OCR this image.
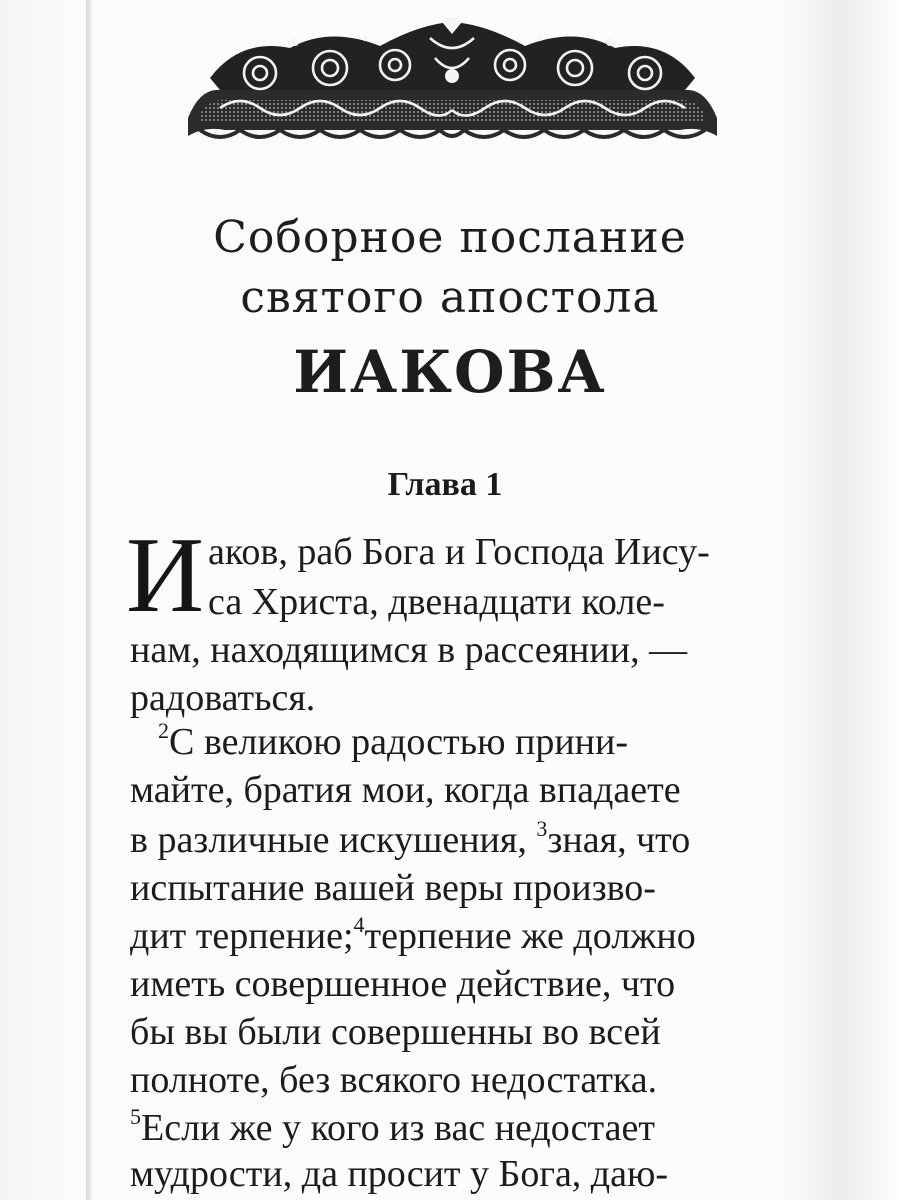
Соборное послание
святого апостола
ИАКОВА
Глава 1
И аков, раб Бога и Господа Иису-
са Христа, двенадцати коле-
нам, находящимся в рассеянии, —
радоваться.
$^2$С великою радостью прини-
майте, братия мои, когда впадаете
в различные искушения, $^3$зная, что
испытание вашей веры произво-
дит терпение;$^4$терпение же должно
иметь совершенное действие, что
бы вы были совершенны во всей
полноте, без всякого недостатка.
$^5$Если же у кого из вас недостает
мудрости, да просит у Бога, даю-
